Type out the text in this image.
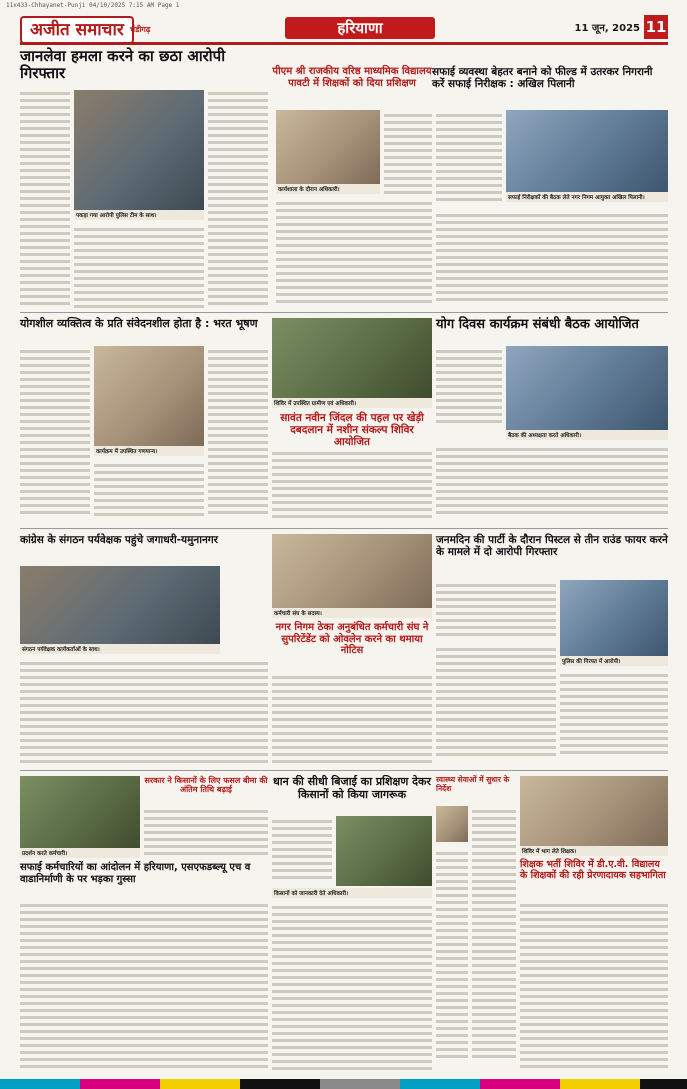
11x433-Chhayanet-Punji 04/10/2025 7:15 AM Page 1
अजीत समाचार चंडीगढ़	हरियाणा	11 जून, 2025 11
जानलेवा हमला करने का छठा आरोपी गिरफ्तार
पकड़ा गया आरोपी पुलिस टीम के साथ।
पीएम श्री राजकीय वरिष्ठ माध्यमिक विद्यालय पावटी में शिक्षकों को दिया प्रशिक्षण
कार्यशाला के दौरान अधिकारी।
सफाई व्यवस्था बेहतर बनाने को फील्ड में उतरकर निगरानी करें सफाई निरीक्षक : अखिल पिलानी
सफाई निरीक्षकों की बैठक लेते नगर निगम आयुक्त अखिल पिलानी।
योगशील व्यक्तित्व के प्रति संवेदनशील होता है : भरत भूषण
कार्यक्रम में उपस्थित गणमान्य।
शिविर में उपस्थित ग्रामीण एवं अधिकारी।
सावंत नवीन जिंदल की पहल पर खेड़ी दबदलान में नशीन संकल्प शिविर आयोजित
योग दिवस कार्यक्रम संबंधी बैठक आयोजित
बैठक की अध्यक्षता करते अधिकारी।
कांग्रेस के संगठन पर्यवेक्षक पहुंचे जगाधरी-यमुनानगर
संगठन पर्यवेक्षक कार्यकर्ताओं के साथ।
कर्मचारी संघ के सदस्य।
नगर निगम ठेका अनुबंधित कर्मचारी संघ ने सुपरिटेंडेंट को ओवलेन करने का थमाया नोटिस
जनमदिन की पार्टी के दौरान पिस्टल से तीन राउंड फायर करने के मामले में दो आरोपी गिरफ्तार
पुलिस की गिरफ्त में आरोपी।
प्रदर्शन करते कर्मचारी।
सरकार ने किसानों के लिए फसल बीमा की अंतिम तिथि बढ़ाई
सफाई कर्मचारियों का आंदोलन में हरियाणा, एसएफडब्ल्यू एच व वाडानिर्माणी के पर भड़का गुस्सा
धान की सीधी बिजाई का प्रशिक्षण देकर किसानों को किया जागरूक
किसानों को जानकारी देते अधिकारी।
स्वास्थ्य सेवाओं में सुधार के निर्देश
शिविर में भाग लेते शिक्षक।
शिक्षक भर्ती शिविर में डी.ए.वी. विद्यालय के शिक्षकों की रही प्रेरणादायक सहभागिता
